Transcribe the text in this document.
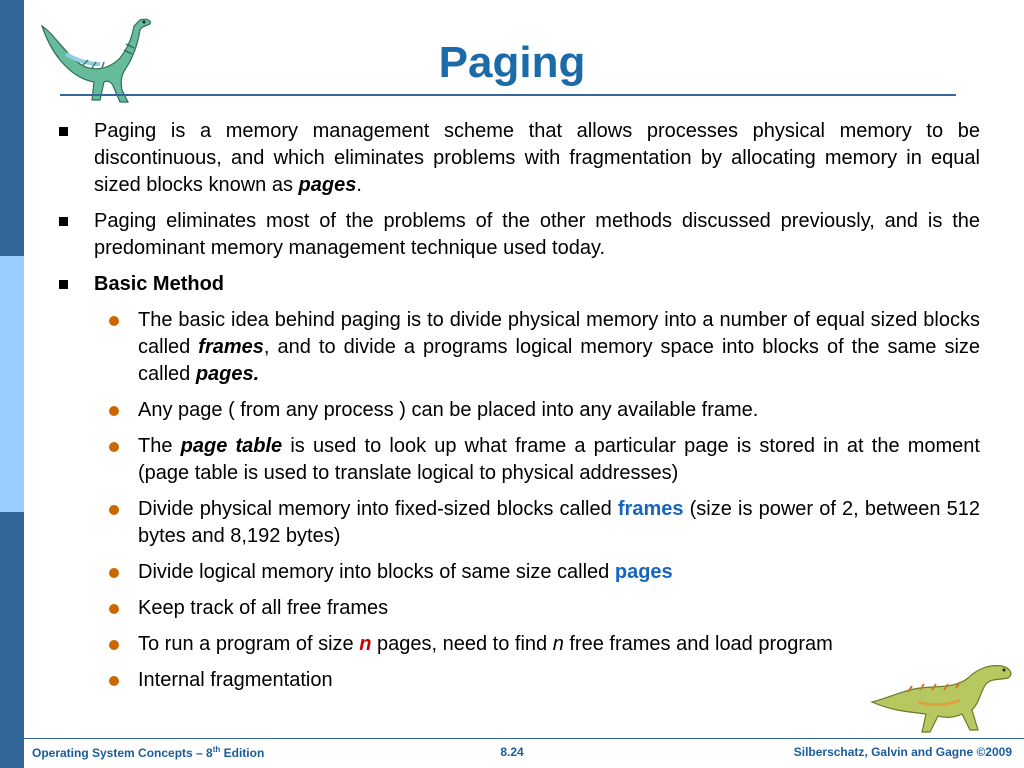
Paging
Paging is a memory management scheme that allows processes physical memory to be discontinuous, and which eliminates problems with fragmentation by allocating memory in equal sized blocks known as pages.
Paging eliminates most of the problems of the other methods discussed previously, and is the predominant memory management technique used today.
Basic Method
The basic idea behind paging is to divide physical memory into a number of equal sized blocks called frames, and to divide a programs logical memory space into blocks of the same size called pages.
Any page ( from any process ) can be placed into any available frame.
The page table is used to look up what frame a particular page is stored in at the moment (page table is used to translate logical to physical addresses)
Divide physical memory into fixed-sized blocks called frames (size is power of 2, between 512 bytes and 8,192 bytes)
Divide logical memory into blocks of same size called pages
Keep track of all free frames
To run a program of size n pages, need to find n free frames and load program
Internal fragmentation
Operating System Concepts – 8th Edition	8.24	Silberschatz, Galvin and Gagne ©2009
